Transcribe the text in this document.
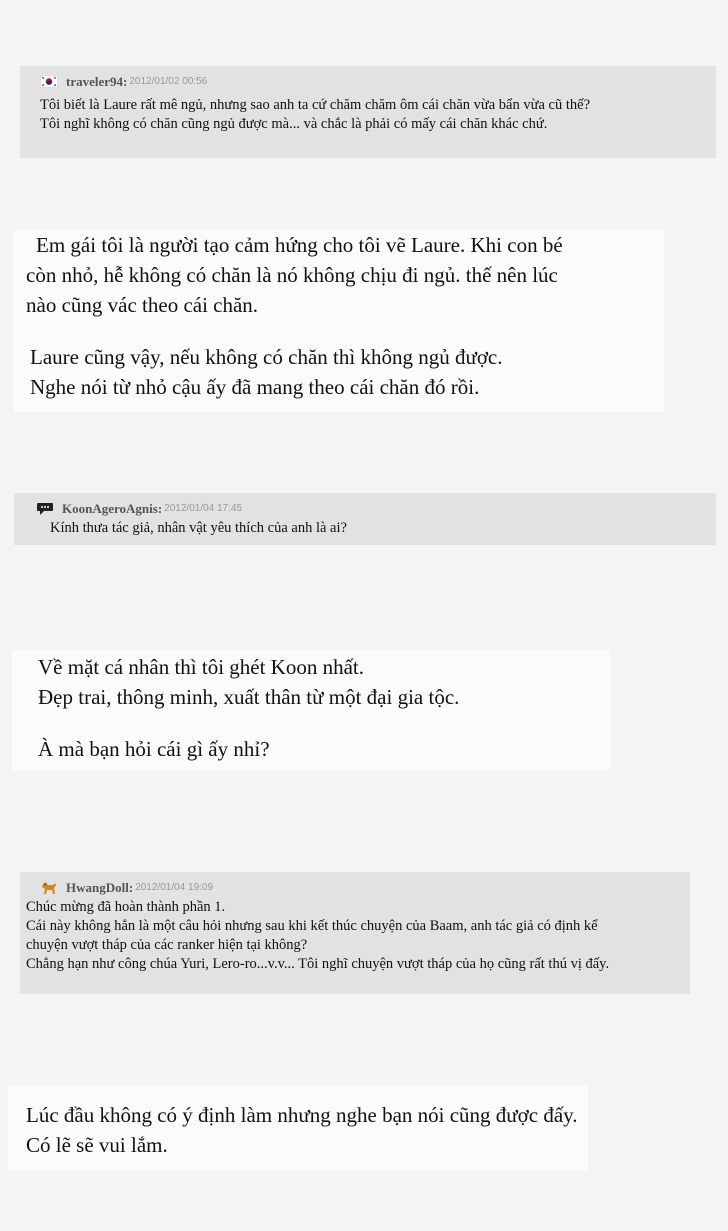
traveler94 : 2012/01/02 00:56
Tôi biết là Laure rất mê ngủ, nhưng sao anh ta cứ chăm chăm ôm cái chăn vừa bẩn vừa cũ thế?
Tôi nghĩ không có chăn cũng ngủ được mà... và chắc là phải có mấy cái chăn khác chứ.
Em gái tôi là người tạo cảm hứng cho tôi vẽ Laure. Khi con bé
còn nhỏ, hễ không có chăn là nó không chịu đi ngủ. thế nên lúc
nào cũng vác theo cái chăn.
Laure cũng vậy, nếu không có chăn thì không ngủ được.
Nghe nói từ nhỏ cậu ấy đã mang theo cái chăn đó rồi.
KoonAgeroAgnis : 2012/01/04 17:45
Kính thưa tác giả, nhân vật yêu thích của anh là ai?
Về mặt cá nhân thì tôi ghét Koon nhất.
Đẹp trai, thông minh, xuất thân từ một đại gia tộc.
À mà bạn hỏi cái gì ấy nhỉ?
HwangDoll : 2012/01/04 19:09
Chúc mừng đã hoàn thành phần 1.
Cái này không hẳn là một câu hỏi nhưng sau khi kết thúc chuyện của Baam, anh tác giả có định kể
chuyện vượt tháp của các ranker hiện tại không?
Chẳng hạn như công chúa Yuri, Lero-ro...v.v... Tôi nghĩ chuyện vượt tháp của họ cũng rất thú vị đấy.
Lúc đầu không có ý định làm nhưng nghe bạn nói cũng được đấy.
Có lẽ sẽ vui lắm.
